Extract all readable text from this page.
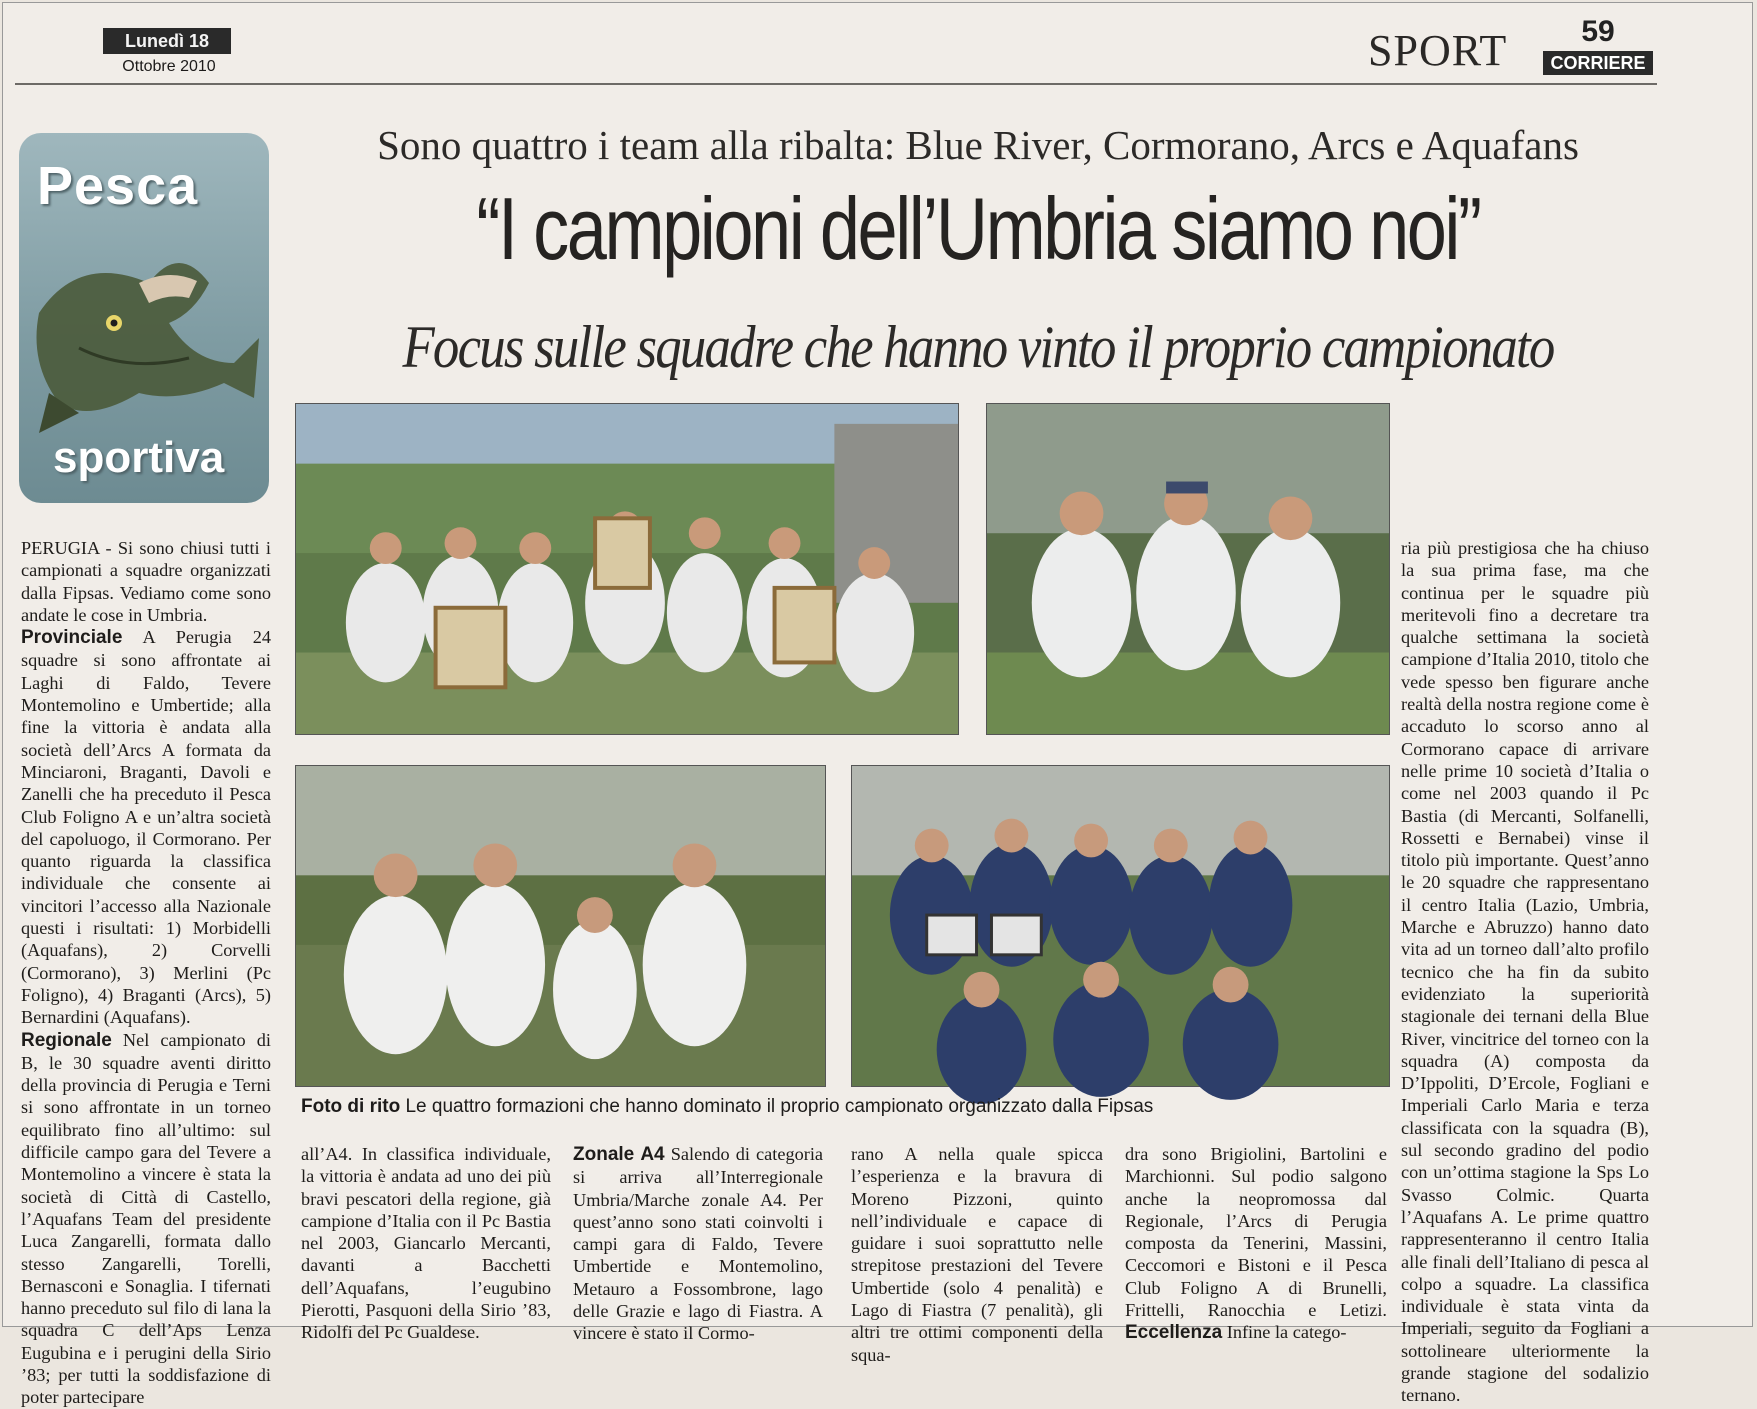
Lunedì 18
Ottobre 2010	SPORT	59
CORRIERE
Pesca
sportiva
Sono quattro i team alla ribalta: Blue River, Cormorano, Arcs e Aquafans
“I campioni dell’Umbria siamo noi”
Focus sulle squadre che hanno vinto il proprio campionato
Foto di rito Le quattro formazioni che hanno dominato il proprio campionato organizzato dalla Fipsas

PERUGIA - Si sono chiusi tutti i campionati a squadre organizzati dalla Fipsas. Vediamo come sono andate le cose in Umbria.

Provinciale A Perugia 24 squadre si sono affrontate ai Laghi di Faldo, Tevere Montemolino e Umbertide; alla fine la vittoria è andata alla società dell’Arcs A formata da Minciaroni, Braganti, Davoli e Zanelli che ha preceduto il Pesca Club Foligno A e un’altra società del capoluogo, il Cormorano. Per quanto riguarda la classifica individuale che consente ai vincitori l’accesso alla Nazionale questi i risultati: 1) Morbidelli (Aquafans), 2) Corvelli (Cormorano), 3) Merlini (Pc Foligno), 4) Braganti (Arcs), 5) Bernardini (Aquafans).

Regionale Nel campionato di B, le 30 squadre aventi diritto della provincia di Perugia e Terni si sono affrontate in un torneo equilibrato fino all’ultimo: sul difficile campo gara del Tevere a Montemolino a vincere è stata la società di Città di Castello, l’Aquafans Team del presidente Luca Zangarelli, formata dallo stesso Zangarelli, Torelli, Bernasconi e Sonaglia. I tifernati hanno preceduto sul filo di lana la squadra C dell’Aps Lenza Eugubina e i perugini della Sirio ’83; per tutti la soddisfazione di poter partecipare

all’A4. In classifica individuale, la vittoria è andata ad uno dei più bravi pescatori della regione, già campione d’Italia con il Pc Bastia nel 2003, Giancarlo Mercanti, davanti a Bacchetti dell’Aquafans, l’eugubino Pierotti, Pasquoni della Sirio ’83, Ridolfi del Pc Gualdese.

Zonale A4 Salendo di categoria si arriva all’Interregionale Umbria/Marche zonale A4. Per quest’anno sono stati coinvolti i campi gara di Faldo, Tevere Umbertide e Montemolino, Metauro a Fossombrone, lago delle Grazie e lago di Fiastra. A vincere è stato il Cormo-

rano A nella quale spicca l’esperienza e la bravura di Moreno Pizzoni, quinto nell’individuale e capace di guidare i suoi soprattutto nelle strepitose prestazioni del Tevere Umbertide (solo 4 penalità) e Lago di Fiastra (7 penalità), gli altri tre ottimi componenti della squa-

dra sono Brigiolini, Bartolini e Marchionni. Sul podio salgono anche la neopromossa dal Regionale, l’Arcs di Perugia composta da Tenerini, Massini, Ceccomori e Bistoni e il Pesca Club Foligno A di Brunelli, Frittelli, Ranocchia e Letizi. Eccellenza Infine la catego-

ria più prestigiosa che ha chiuso la sua prima fase, ma che continua per le squadre più meritevoli fino a decretare tra qualche settimana la società campione d’Italia 2010, titolo che vede spesso ben figurare anche realtà della nostra regione come è accaduto lo scorso anno al Cormorano capace di arrivare nelle prime 10 società d’Italia o come nel 2003 quando il Pc Bastia (di Mercanti, Solfanelli, Rossetti e Bernabei) vinse il titolo più importante. Quest’anno le 20 squadre che rappresentano il centro Italia (Lazio, Umbria, Marche e Abruzzo) hanno dato vita ad un torneo dall’alto profilo tecnico che ha fin da subito evidenziato la superiorità stagionale dei ternani della Blue River, vincitrice del torneo con la squadra (A) composta da D’Ippoliti, D’Ercole, Fogliani e Imperiali Carlo Maria e terza classificata con la squadra (B), sul secondo gradino del podio con un’ottima stagione la Sps Lo Svasso Colmic. Quarta l’Aquafans A. Le prime quattro rappresenteranno il centro Italia alle finali dell’Italiano di pesca al colpo a squadre. La classifica individuale è stata vinta da Imperiali, seguito da Fogliani a sottolineare ulteriormente la grande stagione del sodalizio ternano.
